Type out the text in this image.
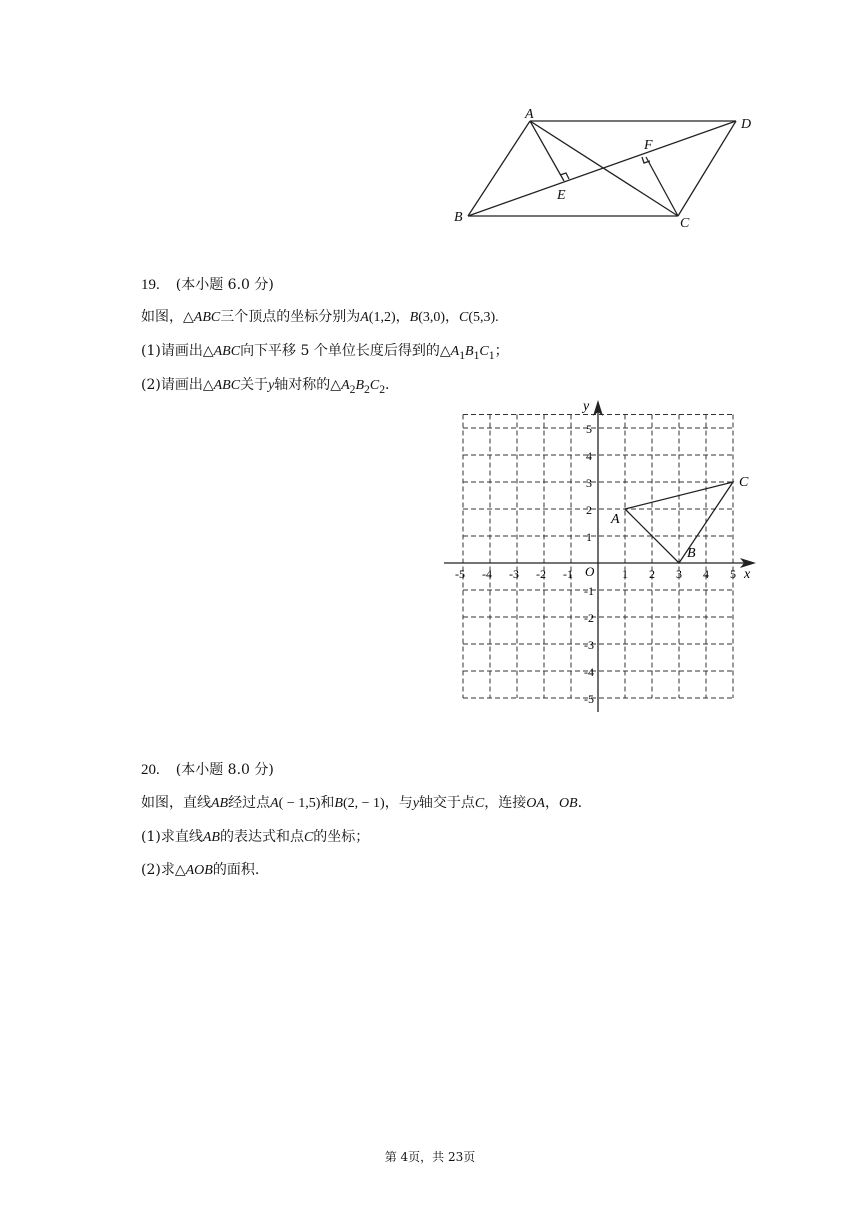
A
D
F
E
B	C
19. (本小题 6.0 分)
如图，△ABC三个顶点的坐标分别为A(1,2)，B(3,0)，C(5,3).
(1)请画出△ABC向下平移 5 个单位长度后得到的$\triangle A_1B_1C_1$；
(2)请画出△ABC关于y轴对称的$\triangle A_2B_2C_2$.
x
y
O
-5 -4 -3 -2 -1	1 2 3 4 5
5
4
3
2
1
-1
-2
-3
-4
-5
A
B
C
20. (本小题 8.0 分)
如图，直线AB经过点A( − 1,5)和B(2, − 1)，与y轴交于点C，连接OA，OB.
(1)求直线AB的表达式和点C的坐标；
(2)求△AOB的面积.
第 4页，共 23页
